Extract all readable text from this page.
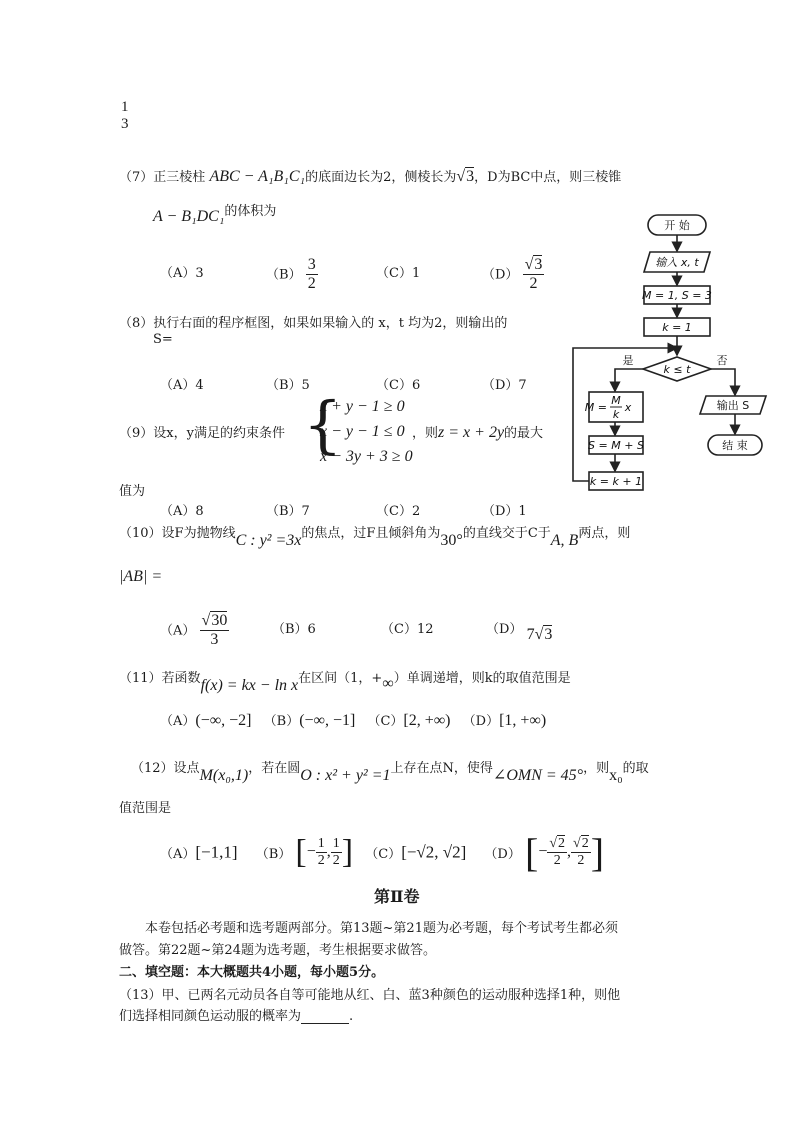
1
3
（7）正三棱柱 ABC − A₁B₁C₁的底面边长为2，侧棱长为√3，D为BC中点，则三棱锥
A − B₁DC₁的体积为
（A）3	$(B) \frac{3}{2}$	（C）1	$(D) \frac{√3}{2}$
（8）执行右面的程序框图，如果如果输入的 x，t 均为2，则输出的
S=
（A）4	（B）5	（C）6	（D）7
（9）设x，y满足的约束条件 {
x + y − 1 ≥ 0
x − y − 1 ≤ 0
x − 3y + 3 ≥ 0
，则z = x + 2y的最大
值为
（A）8	（B）7	（C）2	（D）1
（10）设F为抛物线C : y² =3x的焦点，过F且倾斜角为30°的直线交于C于A, B两点，则
|AB| =
$(A) \frac{√30}{3}$	（B）6	（C）12	（D） 7√3
（11）若函数f(x) = kx − ln x在区间（1，+∞）单调递增，则k的取值范围是
（A）(−∞, −2] （B）(−∞, −1] （C）[2, +∞) （D）[1, +∞)
（12）设点M(x₀,1)，若在圆O : x² + y² =1上存在点N，使得∠OMN = 45°，则x₀的取
值范围是
（A）[−1,1] （B） [− $\frac{1}{2}$ , $\frac{1}{2}$ ] （C）[−√2, √2] （D） [− $\frac{√2}{2}$ , $\frac{√2}{2}$ ]
第Ⅱ卷
本卷包括必考题和选考题两部分。第13题~第21题为必考题，每个考试考生都必须
做答。第22题~第24题为选考题，考生根据要求做答。
二、填空题：本大概题共4小题，每小题5分。
（13）甲、已两名元动员各自等可能地从红、白、蓝3种颜色的运动服种选择1种，则他
们选择相同颜色运动服的概率为	.
开 始
输入 x, t
M = 1, S = 3
k = 1
k ≤ t
是	否
M =
M
k
x
S = M + S
k = k + 1
输出 S
结 束
